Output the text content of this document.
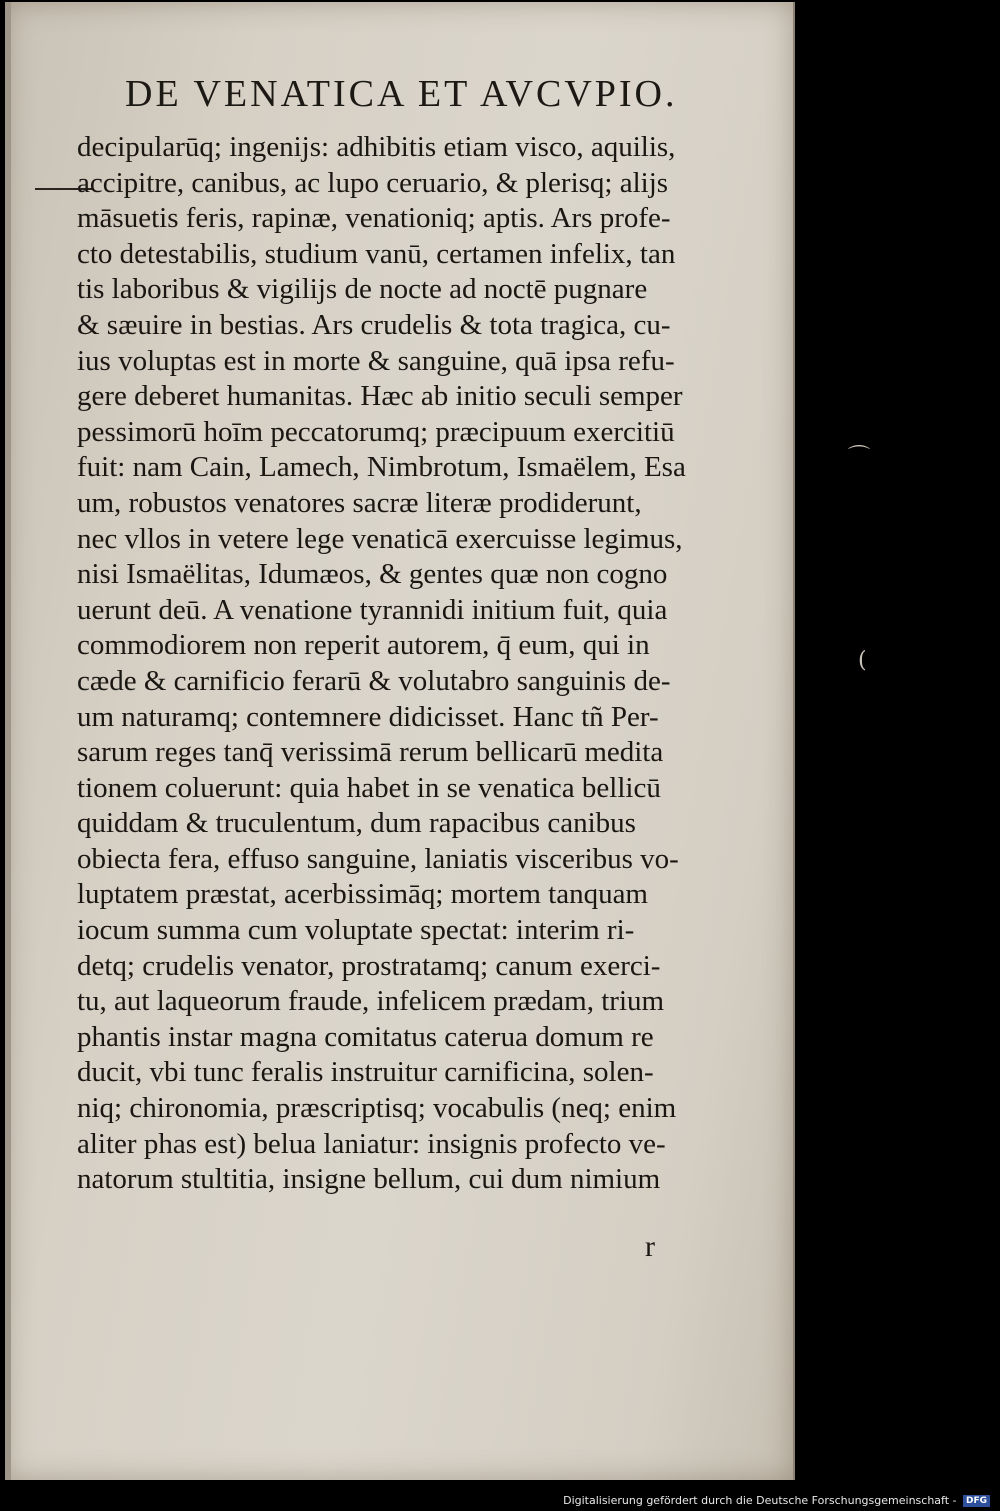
DE VENATICA ET AVCVPIO.
decipularūq; ingenijs: adhibitis etiam visco, aquilis,
accipitre, canibus, ac lupo ceruario, & plerisq; alijs
māsuetis feris, rapinæ, venationiq; aptis. Ars profe-
cto detestabilis, studium vanū, certamen infelix, tan
tis laboribus & vigilijs de nocte ad noctē pugnare
& sæuire in bestias. Ars crudelis & tota tragica, cu-
ius voluptas est in morte & sanguine, quā ipsa refu-
gere deberet humanitas. Hæc ab initio seculi semper
pessimorū hoīm peccatorumq; præcipuum exercitiū
fuit: nam Cain, Lamech, Nimbrotum, Ismaëlem, Esa
um, robustos venatores sacræ literæ prodiderunt,
nec vllos in vetere lege venaticā exercuisse legimus,
nisi Ismaëlitas, Idumæos, & gentes quæ non cogno
uerunt deū. A venatione tyrannidi initium fuit, quia
commodiorem non reperit autorem, q̄ eum, qui in
cæde & carnificio ferarū & volutabro sanguinis de-
um naturamq; contemnere didicisset. Hanc tñ Per-
sarum reges tanq̄ verissimā rerum bellicarū medita
tionem coluerunt: quia habet in se venatica bellicū
quiddam & truculentum, dum rapacibus canibus
obiecta fera, effuso sanguine, laniatis visceribus vo-
luptatem præstat, acerbissimāq; mortem tanquam
iocum summa cum voluptate spectat: interim ri-
detq; crudelis venator, prostratamq; canum exerci-
tu, aut laqueorum fraude, infelicem prædam, trium
phantis instar magna comitatus caterua domum re
ducit, vbi tunc feralis instruitur carnificina, solen-
niq; chironomia, præscriptisq; vocabulis (neq; enim
aliter phas est) belua laniatur: insignis profecto ve-
natorum stultitia, insigne bellum, cui dum nimium
r
⌒
(
Digitalisierung gefördert durch die Deutsche Forschungsgemeinschaft - DFG
